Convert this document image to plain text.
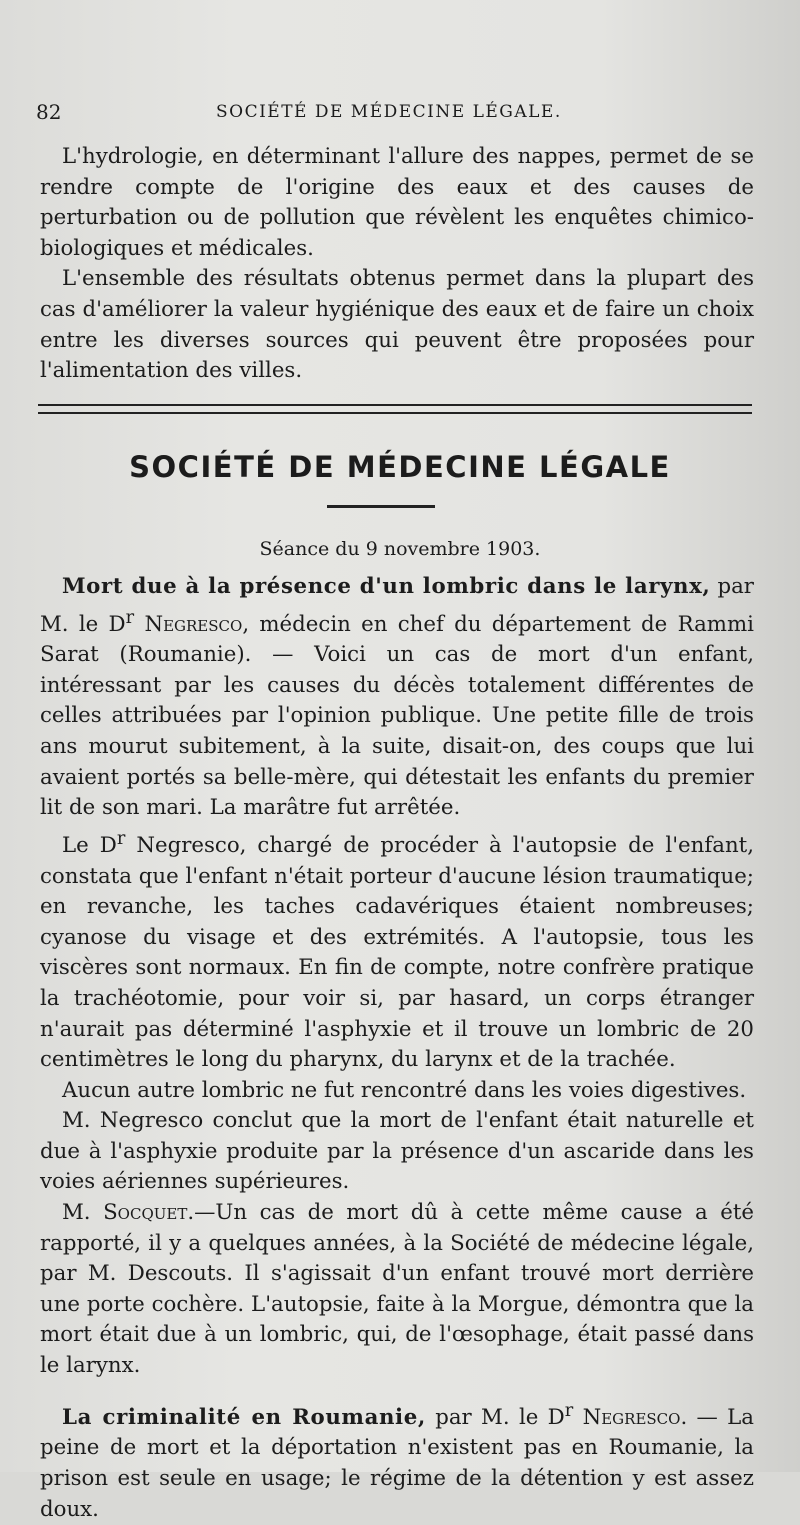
82	SOCIÉTÉ DE MÉDECINE LÉGALE.

L'hydrologie, en déterminant l'allure des nappes, permet de se rendre compte de l'origine des eaux et des causes de perturbation ou de pollution que révèlent les enquêtes chimico-biologiques et médicales.

L'ensemble des résultats obtenus permet dans la plupart des cas d'améliorer la valeur hygiénique des eaux et de faire un choix entre les diverses sources qui peuvent être proposées pour l'alimentation des villes.

SOCIÉTÉ DE MÉDECINE LÉGALE
Séance du 9 novembre 1903.

Mort due à la présence d'un lombric dans le larynx, par M. le $D^r$ Negresco, médecin en chef du département de Rammi Sarat (Roumanie). — Voici un cas de mort d'un enfant, intéressant par les causes du décès totalement différentes de celles attribuées par l'opinion publique. Une petite fille de trois ans mourut subitement, à la suite, disait-on, des coups que lui avaient portés sa belle-mère, qui détestait les enfants du premier lit de son mari. La marâtre fut arrêtée.

Le $D^r$ Negresco, chargé de procéder à l'autopsie de l'enfant, constata que l'enfant n'était porteur d'aucune lésion traumatique; en revanche, les taches cadavériques étaient nombreuses; cyanose du visage et des extrémités. A l'autopsie, tous les viscères sont normaux. En fin de compte, notre confrère pratique la trachéotomie, pour voir si, par hasard, un corps étranger n'aurait pas déterminé l'asphyxie et il trouve un lombric de 20 centimètres le long du pharynx, du larynx et de la trachée.

Aucun autre lombric ne fut rencontré dans les voies digestives.

M. Negresco conclut que la mort de l'enfant était naturelle et due à l'asphyxie produite par la présence d'un ascaride dans les voies aériennes supérieures.

M. Socquet.—Un cas de mort dû à cette même cause a été rapporté, il y a quelques années, à la Société de médecine légale, par M. Descouts. Il s'agissait d'un enfant trouvé mort derrière une porte cochère. L'autopsie, faite à la Morgue, démontra que la mort était due à un lombric, qui, de l'œsophage, était passé dans le larynx.

La criminalité en Roumanie, par M. le $D^r$ Negresco. — La peine de mort et la déportation n'existent pas en Roumanie, la prison est seule en usage; le régime de la détention y est assez doux.
